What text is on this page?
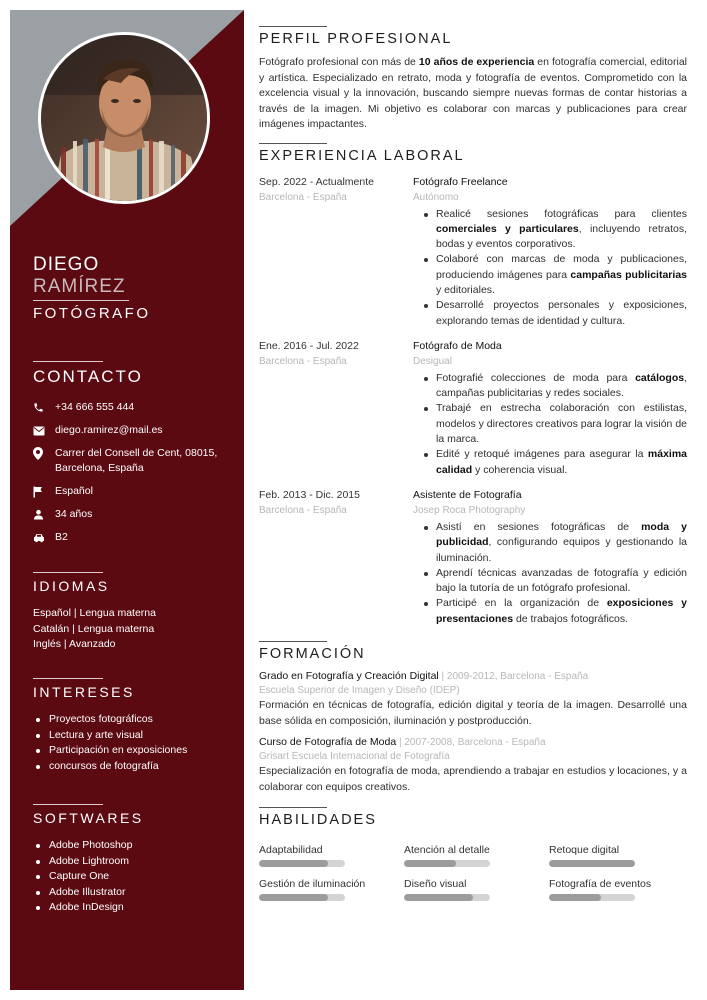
DIEGO
RAMÍREZ
FOTÓGRAFO
CONTACTO
+34 666 555 444
diego.ramirez@mail.es
Carrer del Consell de Cent, 08015, Barcelona, España
Español
34 años
B2
IDIOMAS
Español | Lengua materna
Catalán | Lengua materna
Inglés | Avanzado
INTERESES
Proyectos fotográficos
Lectura y arte visual
Participación en exposiciones
concursos de fotografía
SOFTWARES
Adobe Photoshop
Adobe Lightroom
Capture One
Adobe Illustrator
Adobe InDesign
PERFIL PROFESIONAL

Fotógrafo profesional con más de 10 años de experiencia en fotografía comercial, editorial y artística. Especializado en retrato, moda y fotografía de eventos. Comprometido con la excelencia visual y la innovación, buscando siempre nuevas formas de contar historias a través de la imagen. Mi objetivo es colaborar con marcas y publicaciones para crear imágenes impactantes.

EXPERIENCIA LABORAL
Sep. 2022 - Actualmente
Barcelona - España
Fotógrafo Freelance
Autónomo
Realicé sesiones fotográficas para clientes comerciales y particulares, incluyendo retratos, bodas y eventos corporativos.
Colaboré con marcas de moda y publicaciones, produciendo imágenes para campañas publicitarias y editoriales.
Desarrollé proyectos personales y exposiciones, explorando temas de identidad y cultura.
Ene. 2016 - Jul. 2022
Barcelona - España
Fotógrafo de Moda
Desigual
Fotografié colecciones de moda para catálogos, campañas publicitarias y redes sociales.
Trabajé en estrecha colaboración con estilistas, modelos y directores creativos para lograr la visión de la marca.
Edité y retoqué imágenes para asegurar la máxima calidad y coherencia visual.
Feb. 2013 - Dic. 2015
Barcelona - España
Asistente de Fotografía
Josep Roca Photography
Asistí en sesiones fotográficas de moda y publicidad, configurando equipos y gestionando la iluminación.
Aprendí técnicas avanzadas de fotografía y edición bajo la tutoría de un fotógrafo profesional.
Participé en la organización de exposiciones y presentaciones de trabajos fotográficos.
FORMACIÓN
Grado en Fotografía y Creación Digital | 2009-2012, Barcelona - España
Escuela Superior de Imagen y Diseño (IDEP)
Formación en técnicas de fotografía, edición digital y teoría de la imagen. Desarrollé una base sólida en composición, iluminación y postproducción.
Curso de Fotografía de Moda | 2007-2008, Barcelona - España
Grisart Escuela Internacional de Fotografía
Especialización en fotografía de moda, aprendiendo a trabajar en estudios y locaciones, y a colaborar con equipos creativos.
HABILIDADES
Adaptabilidad	Atención al detalle	Retoque digital
Gestión de iluminación	Diseño visual	Fotografía de eventos
